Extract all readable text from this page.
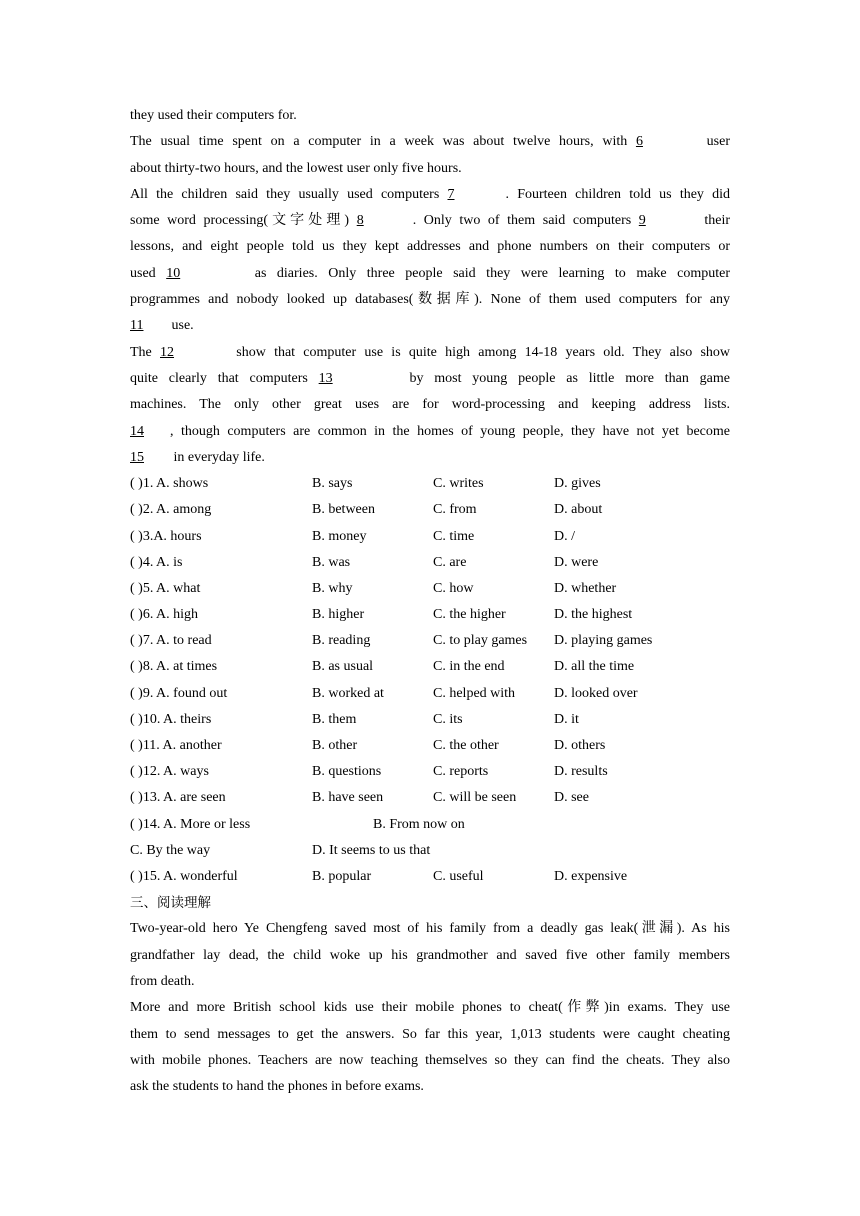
they used their computers for.
The usual time spent on a computer in a week was about twelve hours, with 6	user
about thirty-two hours, and the lowest user only five hours.
All the children said they usually used computers 7	. Fourteen children told us they did
some word processing(文字处理) 8	. Only two of them said computers 9	their
lessons, and eight people told us they kept addresses and phone numbers on their computers or
used 10	as diaries. Only three people said they were learning to make computer
programmes and nobody looked up databases(数据库). None of them used computers for any
11 use.
The 12	show that computer use is quite high among 14-18 years old. They also show
quite clearly that computers 13	by most young people as little more than game
machines. The only other great uses are for word-processing and keeping address lists.
14 , though computers are common in the homes of young people, they have not yet become
15 in everyday life.
( )1. A. shows	B. says	C. writes	D. gives
( )2. A. among	B. between	C. from	D. about
( )3.A. hours	B. money	C. time	D. /
( )4. A. is	B. was	C. are	D. were
( )5. A. what	B. why	C. how	D. whether
( )6. A. high	B. higher	C. the higher	D. the highest
( )7. A. to read	B. reading	C. to play games D. playing games
( )8. A. at times	B. as usual	C. in the end	D. all the time
( )9. A. found out	B. worked at	C. helped with	D. looked over
( )10. A. theirs	B. them	C. its	D. it
( )11. A. another	B. other	C. the other	D. others
( )12. A. ways	B. questions	C. reports	D. results
( )13. A. are seen	B. have seen	C. will be seen	D. see
( )14. A. More or less	B. From now on
C. By the way	D. It seems to us that
( )15. A. wonderful	B. popular	C. useful	D. expensive
三、阅读理解
Two-year-old hero Ye Chengfeng saved most of his family from a deadly gas leak(泄漏). As his
grandfather lay dead, the child woke up his grandmother and saved five other family members
from death.
More and more British school kids use their mobile phones to cheat(作弊)in exams. They use
them to send messages to get the answers. So far this year, 1,013 students were caught cheating
with mobile phones. Teachers are now teaching themselves so they can find the cheats. They also
ask the students to hand the phones in before exams.
